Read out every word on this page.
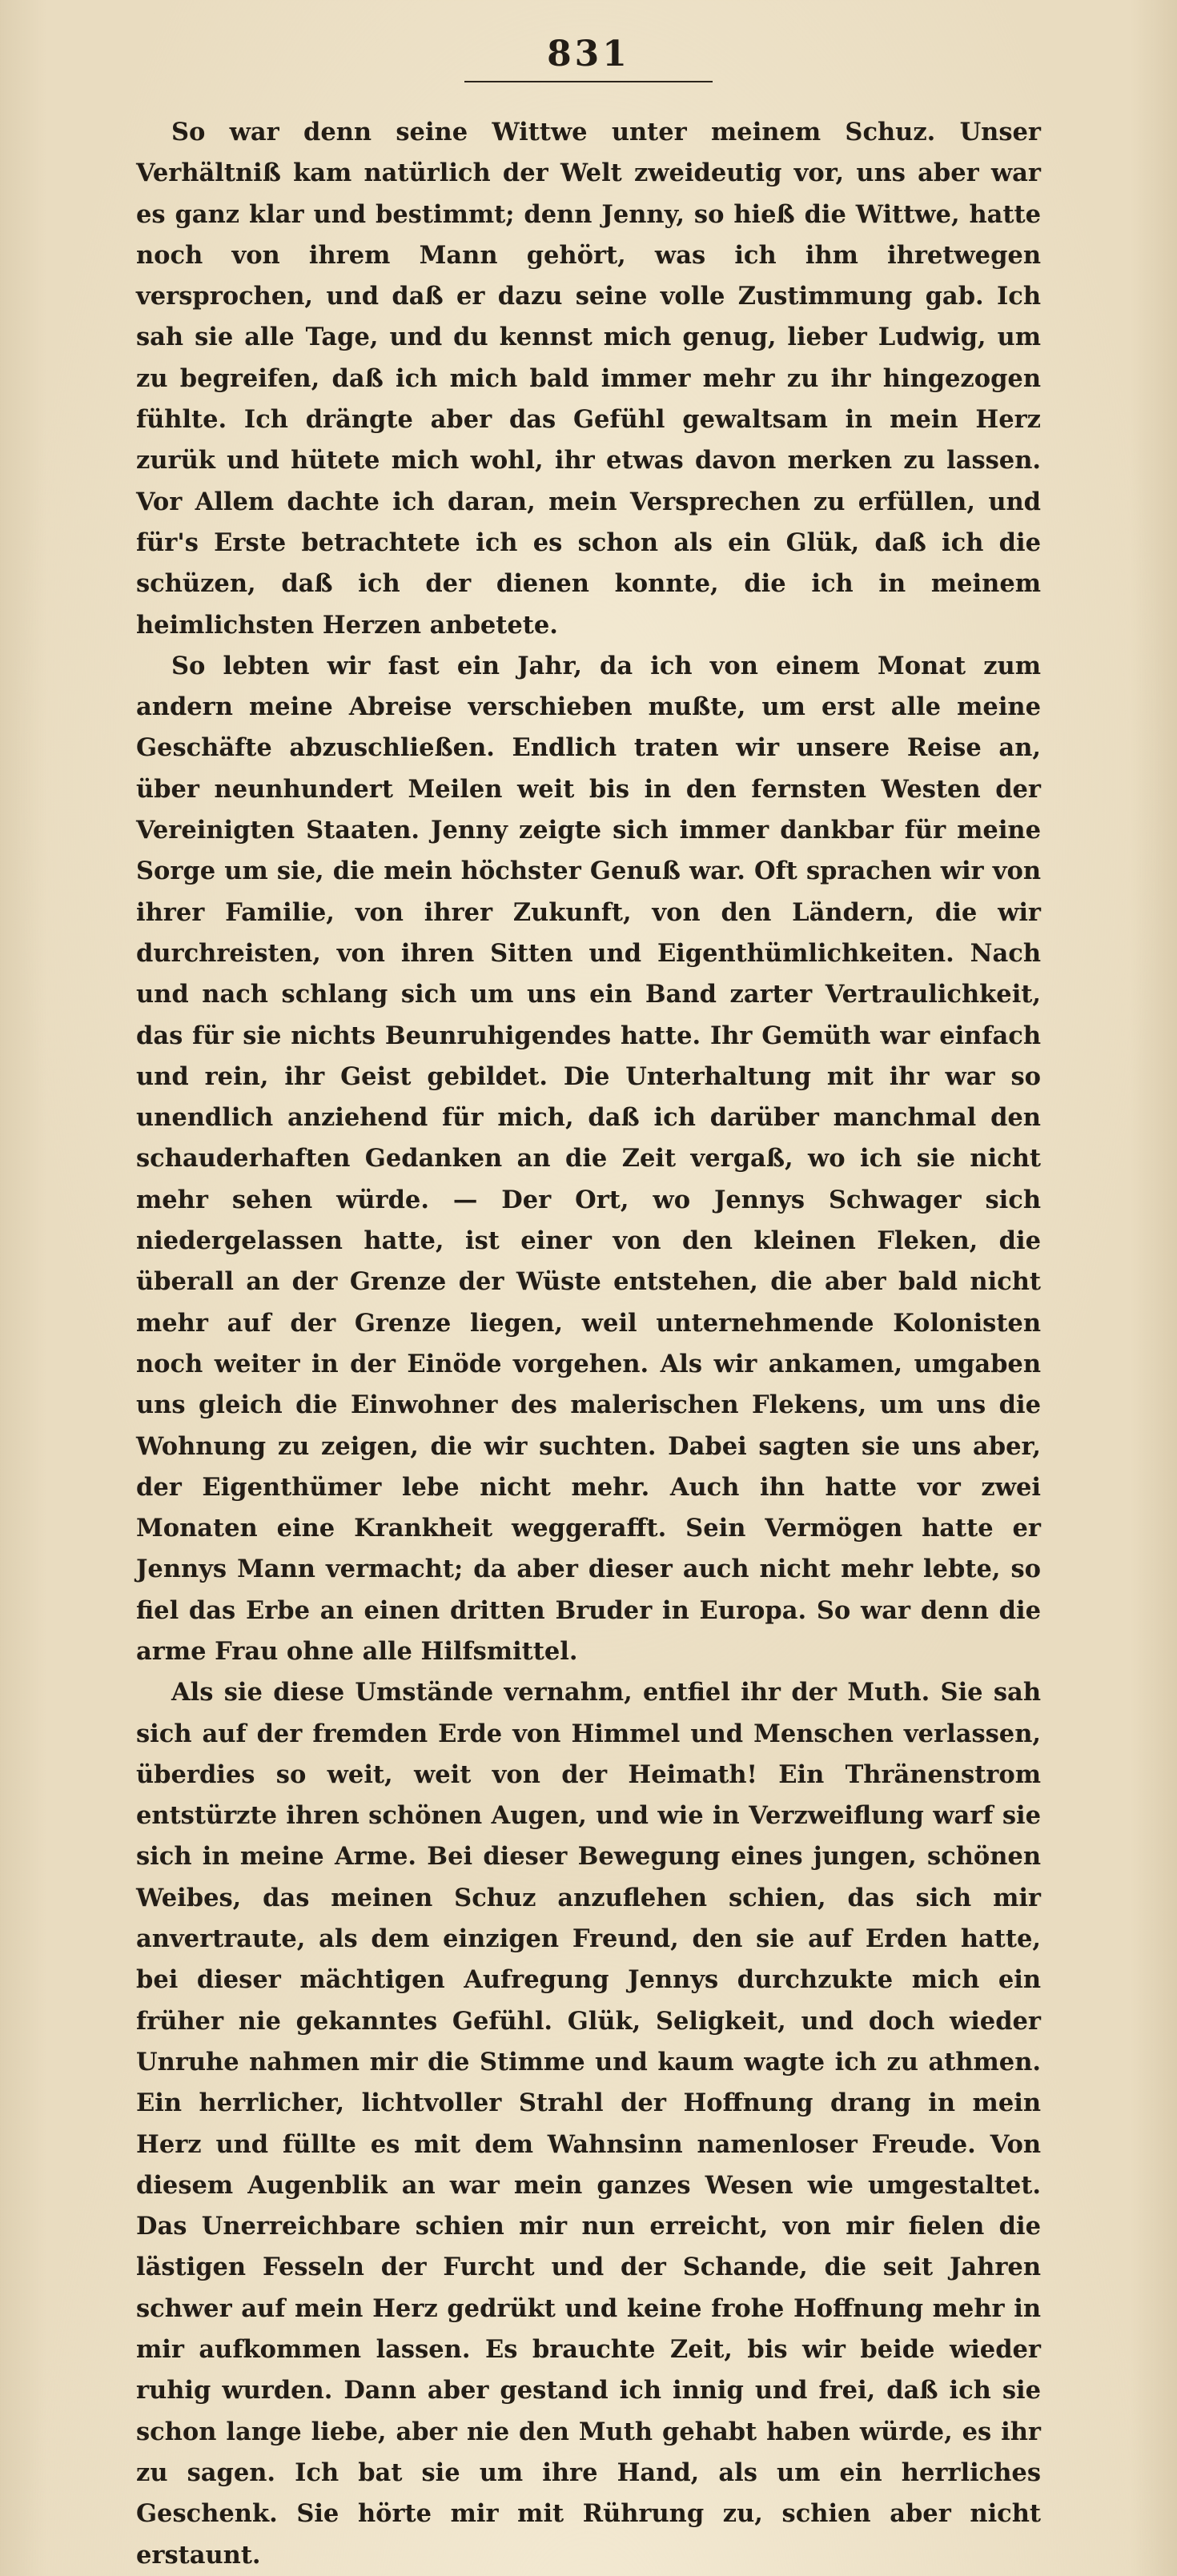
831

So war denn seine Wittwe unter meinem Schuz. Unser Verhältniß kam natürlich der Welt zweideutig vor, uns aber war es ganz klar und bestimmt; denn Jenny, so hieß die Wittwe, hatte noch von ihrem Mann gehört, was ich ihm ihretwegen versprochen, und daß er dazu seine volle Zustimmung gab. Ich sah sie alle Tage, und du kennst mich genug, lieber Ludwig, um zu begreifen, daß ich mich bald immer mehr zu ihr hingezogen fühlte. Ich drängte aber das Gefühl gewaltsam in mein Herz zurük und hütete mich wohl, ihr etwas davon merken zu lassen. Vor Allem dachte ich daran, mein Versprechen zu erfüllen, und für's Erste betrachtete ich es schon als ein Glük, daß ich die schüzen, daß ich der dienen konnte, die ich in meinem heimlichsten Herzen anbetete.

So lebten wir fast ein Jahr, da ich von einem Monat zum andern meine Abreise verschieben mußte, um erst alle meine Geschäfte abzuschließen. Endlich traten wir unsere Reise an, über neunhundert Meilen weit bis in den fernsten Westen der Vereinigten Staaten. Jenny zeigte sich immer dankbar für meine Sorge um sie, die mein höchster Genuß war. Oft sprachen wir von ihrer Familie, von ihrer Zukunft, von den Ländern, die wir durchreisten, von ihren Sitten und Eigenthümlichkeiten. Nach und nach schlang sich um uns ein Band zarter Vertraulichkeit, das für sie nichts Beunruhigendes hatte. Ihr Gemüth war einfach und rein, ihr Geist gebildet. Die Unterhaltung mit ihr war so unendlich anziehend für mich, daß ich darüber manchmal den schauderhaften Gedanken an die Zeit vergaß, wo ich sie nicht mehr sehen würde. — Der Ort, wo Jennys Schwager sich niedergelassen hatte, ist einer von den kleinen Fleken, die überall an der Grenze der Wüste entstehen, die aber bald nicht mehr auf der Grenze liegen, weil unternehmende Kolonisten noch weiter in der Einöde vorgehen. Als wir ankamen, umgaben uns gleich die Einwohner des malerischen Flekens, um uns die Wohnung zu zeigen, die wir suchten. Dabei sagten sie uns aber, der Eigenthümer lebe nicht mehr. Auch ihn hatte vor zwei Monaten eine Krankheit weggerafft. Sein Vermögen hatte er Jennys Mann vermacht; da aber dieser auch nicht mehr lebte, so fiel das Erbe an einen dritten Bruder in Europa. So war denn die arme Frau ohne alle Hilfsmittel.

Als sie diese Umstände vernahm, entfiel ihr der Muth. Sie sah sich auf der fremden Erde von Himmel und Menschen verlassen, überdies so weit, weit von der Heimath! Ein Thränenstrom entstürzte ihren schönen Augen, und wie in Verzweiflung warf sie sich in meine Arme. Bei dieser Bewegung eines jungen, schönen Weibes, das meinen Schuz anzuflehen schien, das sich mir anvertraute, als dem einzigen Freund, den sie auf Erden hatte, bei dieser mächtigen Aufregung Jennys durchzukte mich ein früher nie gekanntes Gefühl. Glük, Seligkeit, und doch wieder Unruhe nahmen mir die Stimme und kaum wagte ich zu athmen. Ein herrlicher, lichtvoller Strahl der Hoffnung drang in mein Herz und füllte es mit dem Wahnsinn namenloser Freude. Von diesem Augenblik an war mein ganzes Wesen wie umgestaltet. Das Unerreichbare schien mir nun erreicht, von mir fielen die lästigen Fesseln der Furcht und der Schande, die seit Jahren schwer auf mein Herz gedrükt und keine frohe Hoffnung mehr in mir aufkommen lassen. Es brauchte Zeit, bis wir beide wieder ruhig wurden. Dann aber gestand ich innig und frei, daß ich sie schon lange liebe, aber nie den Muth gehabt haben würde, es ihr zu sagen. Ich bat sie um ihre Hand, als um ein herrliches Geschenk. Sie hörte mir mit Rührung zu, schien aber nicht erstaunt.
